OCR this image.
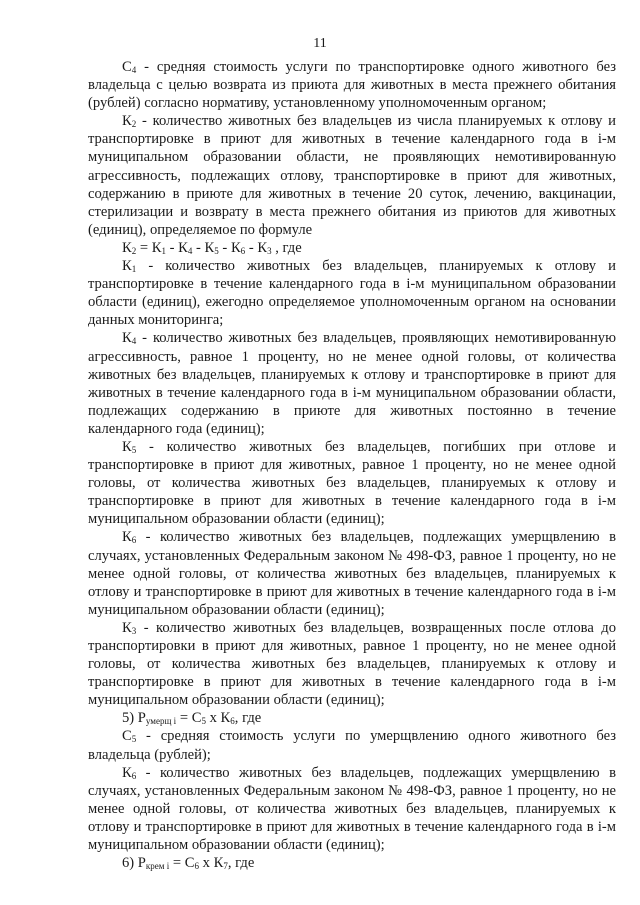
11

$С_4$ - средняя стоимость услуги по транспортировке одного животного без владельца с целью возврата из приюта для животных в места прежнего обитания (рублей) согласно нормативу, установленному уполномоченным органом;

$К_2$ - количество животных без владельцев из числа планируемых к отлову и транспортировке в приют для животных в течение календарного года в i-м муниципальном образовании области, не проявляющих немотивированную агрессивность, подлежащих отлову, транспортировке в приют для животных, содержанию в приюте для животных в течение 20 суток, лечению, вакцинации, стерилизации и возврату в места прежнего обитания из приютов для животных (единиц), определяемое по формуле

$К_2 = К_1 - К_4 - К_5 - К_6 - К_3$ , где

$К_1$ - количество животных без владельцев, планируемых к отлову и транспортировке в течение календарного года в i-м муниципальном образовании области (единиц), ежегодно определяемое уполномоченным органом на основании данных мониторинга;

$К_4$ - количество животных без владельцев, проявляющих немотивированную агрессивность, равное 1 процентy, но не менее одной головы, от количества животных без владельцев, планируемых к отлову и транспортировке в приют для животных в течение календарного года в i-м муниципальном образовании области, подлежащих содержанию в приюте для животных постоянно в течение календарного года (единиц);

$К_5$ - количество животных без владельцев, погибших при отлове и транспортировке в приют для животных, равное 1 процентy, но не менее одной головы, от количества животных без владельцев, планируемых к отлову и транспортировке в приют для животных в течение календарного года в i-м муниципальном образовании области (единиц);

$К_6$ - количество животных без владельцев, подлежащих умерщвлению в случаях, установленных Федеральным законом № 498-ФЗ, равное 1 процентy, но не менее одной головы, от количества животных без владельцев, планируемых к отлову и транспортировке в приют для животных в течение календарного года в i-м муниципальном образовании области (единиц);

$К_3$ - количество животных без владельцев, возвращенных после отлова до транспортировки в приют для животных, равное 1 процентy, но не менее одной головы, от количества животных без владельцев, планируемых к отлову и транспортировке в приют для животных в течение календарного года в i-м муниципальном образовании области (единиц);

5) $Р_{умерщ i} = С_5$ х $К_6$, где

$С_5$ - средняя стоимость услуги по умерщвлению одного животного без владельца (рублей);

$К_6$ - количество животных без владельцев, подлежащих умерщвлению в случаях, установленных Федеральным законом № 498-ФЗ, равное 1 процентy, но не менее одной головы, от количества животных без владельцев, планируемых к отлову и транспортировке в приют для животных в течение календарного года в i-м муниципальном образовании области (единиц);

6) $Р_{крем i} = С_6$ х $К_7$, где
